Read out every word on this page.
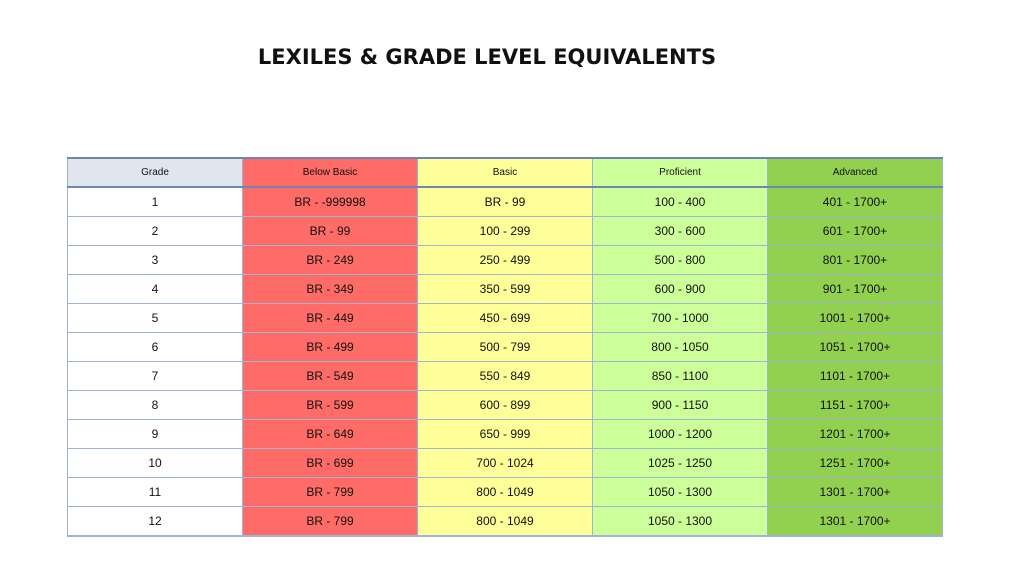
LEXILES & GRADE LEVEL EQUIVALENTS
Grade	Below Basic	Basic	Proficient	Advanced
1	BR - -999998	BR - 99	100 - 400	401 - 1700+
2	BR - 99	100 - 299	300 - 600	601 - 1700+
3	BR - 249	250 - 499	500 - 800	801 - 1700+
4	BR - 349	350 - 599	600 - 900	901 - 1700+
5	BR - 449	450 - 699	700 - 1000	1001 - 1700+
6	BR - 499	500 - 799	800 - 1050	1051 - 1700+
7	BR - 549	550 - 849	850 - 1100	1101 - 1700+
8	BR - 599	600 - 899	900 - 1150	1151 - 1700+
9	BR - 649	650 - 999	1000 - 1200	1201 - 1700+
10	BR - 699	700 - 1024	1025 - 1250	1251 - 1700+
11	BR - 799	800 - 1049	1050 - 1300	1301 - 1700+
12	BR - 799	800 - 1049	1050 - 1300	1301 - 1700+
